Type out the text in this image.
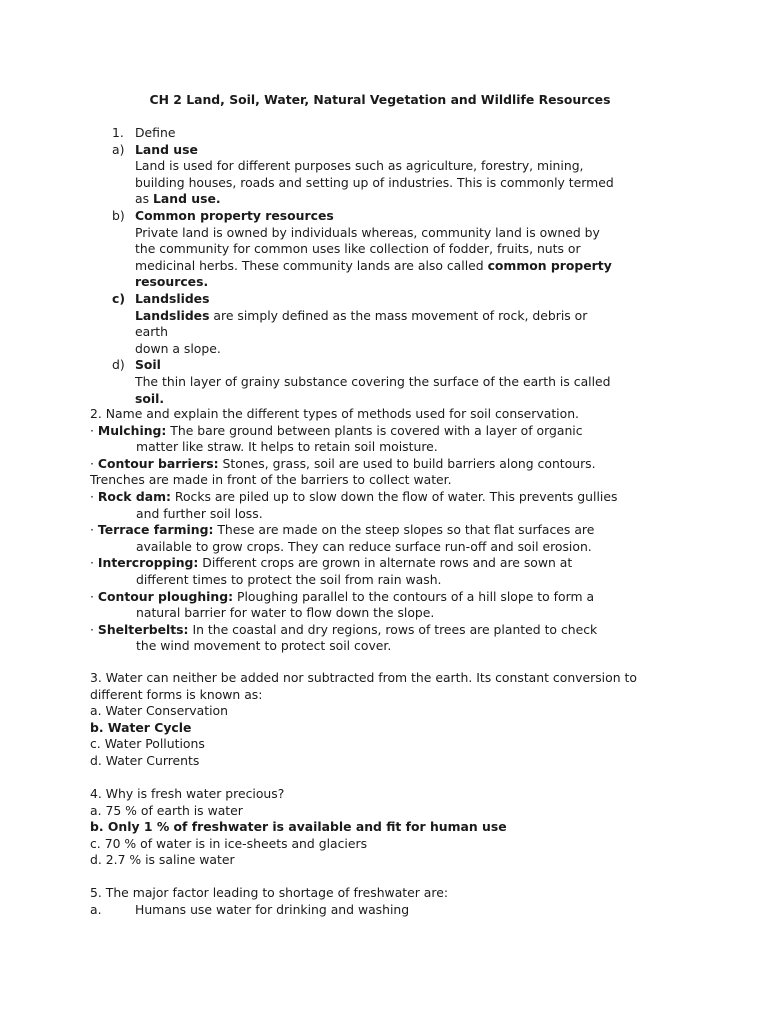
CH 2 Land, Soil, Water, Natural Vegetation and Wildlife Resources
1. Define
a) Land use
Land is used for different purposes such as agriculture, forestry, mining,
building houses, roads and setting up of industries. This is commonly termed
as Land use.
b) Common property resources
Private land is owned by individuals whereas, community land is owned by
the community for common uses like collection of fodder, fruits, nuts or
medicinal herbs. These community lands are also called common property
resources.
c) Landslides
Landslides are simply defined as the mass movement of rock, debris or earth
down a slope.
d) Soil
The thin layer of grainy substance covering the surface of the earth is called
soil.
2. Name and explain the different types of methods used for soil conservation.
· Mulching: The bare ground between plants is covered with a layer of organic
matter like straw. It helps to retain soil moisture.
· Contour barriers: Stones, grass, soil are used to build barriers along contours.
Trenches are made in front of the barriers to collect water.
· Rock dam: Rocks are piled up to slow down the flow of water. This prevents gullies
and further soil loss.
· Terrace farming: These are made on the steep slopes so that flat surfaces are
available to grow crops. They can reduce surface run-off and soil erosion.
· Intercropping: Different crops are grown in alternate rows and are sown at
different times to protect the soil from rain wash.
· Contour ploughing: Ploughing parallel to the contours of a hill slope to form a
natural barrier for water to flow down the slope.
· Shelterbelts: In the coastal and dry regions, rows of trees are planted to check
the wind movement to protect soil cover.
3. Water can neither be added nor subtracted from the earth. Its constant conversion to
different forms is known as:
a. Water Conservation
b. Water Cycle
c. Water Pollutions
d. Water Currents
4. Why is fresh water precious?
a. 75 % of earth is water
b. Only 1 % of freshwater is available and fit for human use
c. 70 % of water is in ice-sheets and glaciers
d. 2.7 % is saline water
5. The major factor leading to shortage of freshwater are:
a.	Humans use water for drinking and washing
